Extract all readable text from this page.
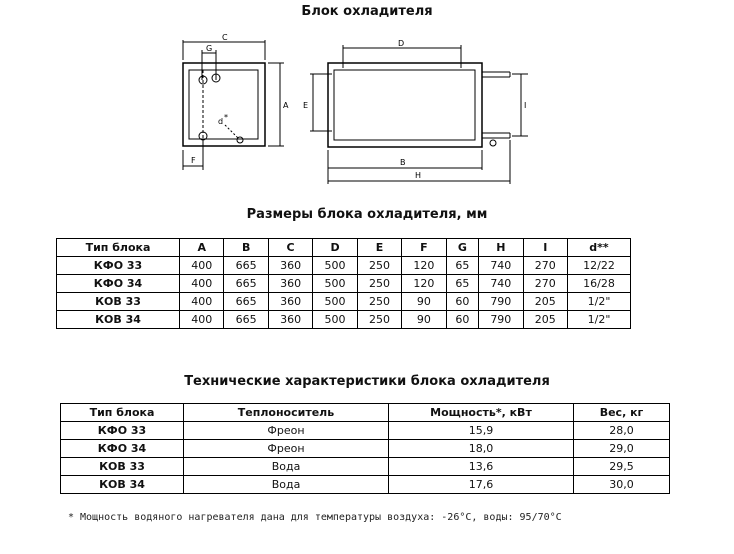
Блок охладителя
C
G
A
F
d *
D
E	I
B
H
Размеры блока охладителя, мм
Тип блока	A	B	C	D	E	F	G	H	I	d**
КФО 33	400	665	360	500	250	120	65	740	270	12/22
КФО 34	400	665	360	500	250	120	65	740	270	16/28
КОВ 33	400	665	360	500	250	90	60	790	205	1/2"
КОВ 34	400	665	360	500	250	90	60	790	205	1/2"
Технические характеристики блока охладителя
Тип блока	Теплоноситель	Мощность*, кВт	Вес, кг
КФО 33	Фреон	15,9	28,0
КФО 34	Фреон	18,0	29,0
КОВ 33	Вода	13,6	29,5
КОВ 34	Вода	17,6	30,0
* Мощность водяного нагревателя дана для температуры воздуха: -26°С, воды: 95/70°С
